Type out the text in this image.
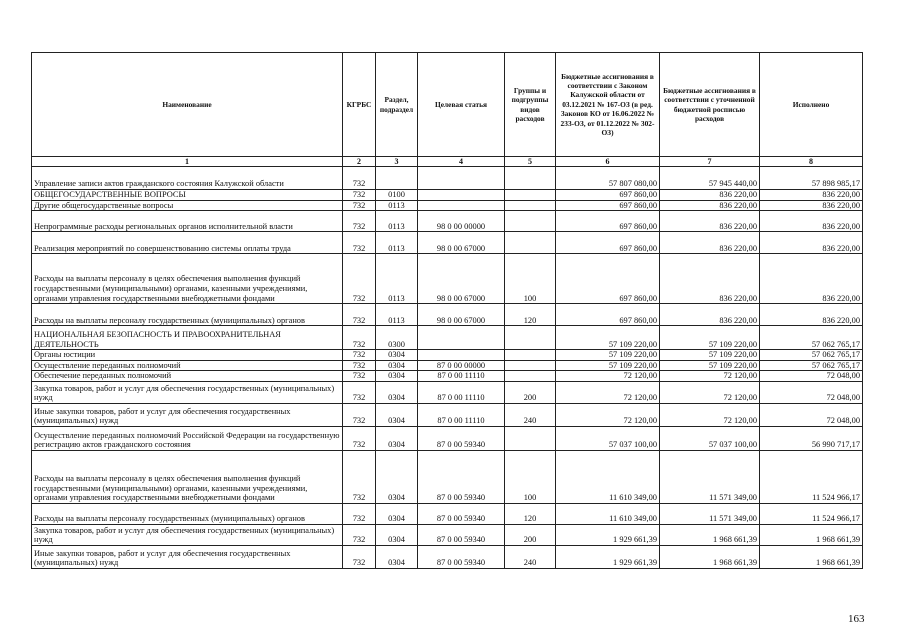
Наименование	КГРБС	Раздел, подраздел	Целевая статья	Группы и подгруппы видов расходов	Бюджетные ассигнования в соответствии с Законом Калужской области от 03.12.2021 № 167-ОЗ (в ред. Законов КО от 16.06.2022 № 233-ОЗ, от 01.12.2022 № 302-ОЗ)	Бюджетные ассигнования в соответствии с уточненной бюджетной росписью расходов	Исполнено
1	2	3	4	5	6	7	8
Управление записи актов гражданского состояния Калужской области	732				57 807 080,00	57 945 440,00	57 898 985,17
ОБЩЕГОСУДАРСТВЕННЫЕ ВОПРОСЫ	732	0100			697 860,00	836 220,00	836 220,00
Другие общегосударственные вопросы	732	0113			697 860,00	836 220,00	836 220,00
Непрограммные расходы региональных органов исполнительной власти	732	0113	98 0 00 00000		697 860,00	836 220,00	836 220,00
Реализация мероприятий по совершенствованию системы оплаты труда	732	0113	98 0 00 67000		697 860,00	836 220,00	836 220,00
Расходы на выплаты персоналу в целях обеспечения выполнения функций государственными (муниципальными) органами, казенными учреждениями, органами управления государственными внебюджетными фондами	732	0113	98 0 00 67000	100	697 860,00	836 220,00	836 220,00
Расходы на выплаты персоналу государственных (муниципальных) органов	732	0113	98 0 00 67000	120	697 860,00	836 220,00	836 220,00
НАЦИОНАЛЬНАЯ БЕЗОПАСНОСТЬ И ПРАВООХРАНИТЕЛЬНАЯ ДЕЯТЕЛЬНОСТЬ	732	0300			57 109 220,00	57 109 220,00	57 062 765,17
Органы юстиции	732	0304			57 109 220,00	57 109 220,00	57 062 765,17
Осуществление переданных полномочий	732	0304	87 0 00 00000		57 109 220,00	57 109 220,00	57 062 765,17
Обеспечение переданных полномочий	732	0304	87 0 00 11110		72 120,00	72 120,00	72 048,00
Закупка товаров, работ и услуг для обеспечения государственных (муниципальных) нужд	732	0304	87 0 00 11110	200	72 120,00	72 120,00	72 048,00
Иные закупки товаров, работ и услуг для обеспечения государственных (муниципальных) нужд	732	0304	87 0 00 11110	240	72 120,00	72 120,00	72 048,00
Осуществление переданных полномочий Российской Федерации на государственную регистрацию актов гражданского состояния	732	0304	87 0 00 59340		57 037 100,00	57 037 100,00	56 990 717,17
Расходы на выплаты персоналу в целях обеспечения выполнения функций государственными (муниципальными) органами, казенными учреждениями, органами управления государственными внебюджетными фондами	732	0304	87 0 00 59340	100	11 610 349,00	11 571 349,00	11 524 966,17
Расходы на выплаты персоналу государственных (муниципальных) органов	732	0304	87 0 00 59340	120	11 610 349,00	11 571 349,00	11 524 966,17
Закупка товаров, работ и услуг для обеспечения государственных (муниципальных) нужд	732	0304	87 0 00 59340	200	1 929 661,39	1 968 661,39	1 968 661,39
Иные закупки товаров, работ и услуг для обеспечения государственных (муниципальных) нужд	732	0304	87 0 00 59340	240	1 929 661,39	1 968 661,39	1 968 661,39
163
